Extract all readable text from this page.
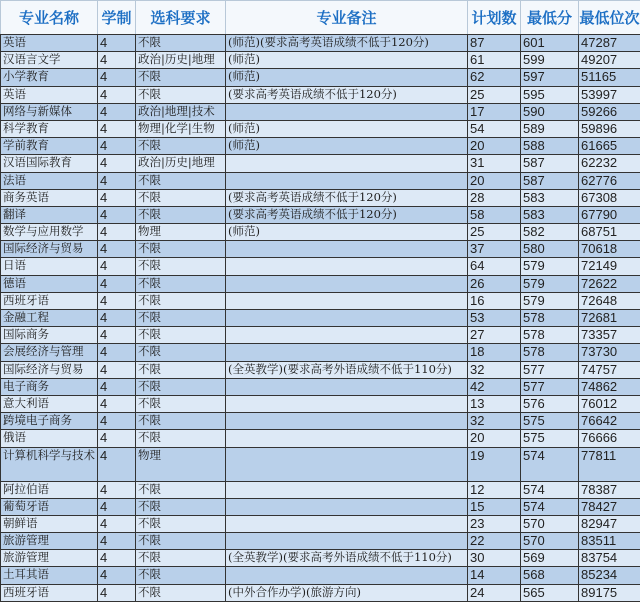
专业名称	学制	选科要求	专业备注	计划数	最低分	最低位次
英语	4	不限	(师范)(要求高考英语成绩不低于120分)	87	601	47287
汉语言文学	4	政治|历史|地理	(师范)	61	599	49207
小学教育	4	不限	(师范)	62	597	51165
英语	4	不限	(要求高考英语成绩不低于120分)	25	595	53997
网络与新媒体	4	政治|地理|技术		17	590	59266
科学教育	4	物理|化学|生物	(师范)	54	589	59896
学前教育	4	不限	(师范)	20	588	61665
汉语国际教育	4	政治|历史|地理		31	587	62232
法语	4	不限		20	587	62776
商务英语	4	不限	(要求高考英语成绩不低于120分)	28	583	67308
翻译	4	不限	(要求高考英语成绩不低于120分)	58	583	67790
数学与应用数学	4	物理	(师范)	25	582	68751
国际经济与贸易	4	不限		37	580	70618
日语	4	不限		64	579	72149
德语	4	不限		26	579	72622
西班牙语	4	不限		16	579	72648
金融工程	4	不限		53	578	72681
国际商务	4	不限		27	578	73357
会展经济与管理	4	不限		18	578	73730
国际经济与贸易	4	不限	(全英教学)(要求高考外语成绩不低于110分)	32	577	74757
电子商务	4	不限		42	577	74862
意大利语	4	不限		13	576	76012
跨境电子商务	4	不限		32	575	76642
俄语	4	不限		20	575	76666
计算机科学与技术	4	物理		19	574	77811
阿拉伯语	4	不限		12	574	78387
葡萄牙语	4	不限		15	574	78427
朝鲜语	4	不限		23	570	82947
旅游管理	4	不限		22	570	83511
旅游管理	4	不限	(全英教学)(要求高考外语成绩不低于110分)	30	569	83754
土耳其语	4	不限		14	568	85234
西班牙语	4	不限	(中外合作办学)(旅游方向)	24	565	89175
